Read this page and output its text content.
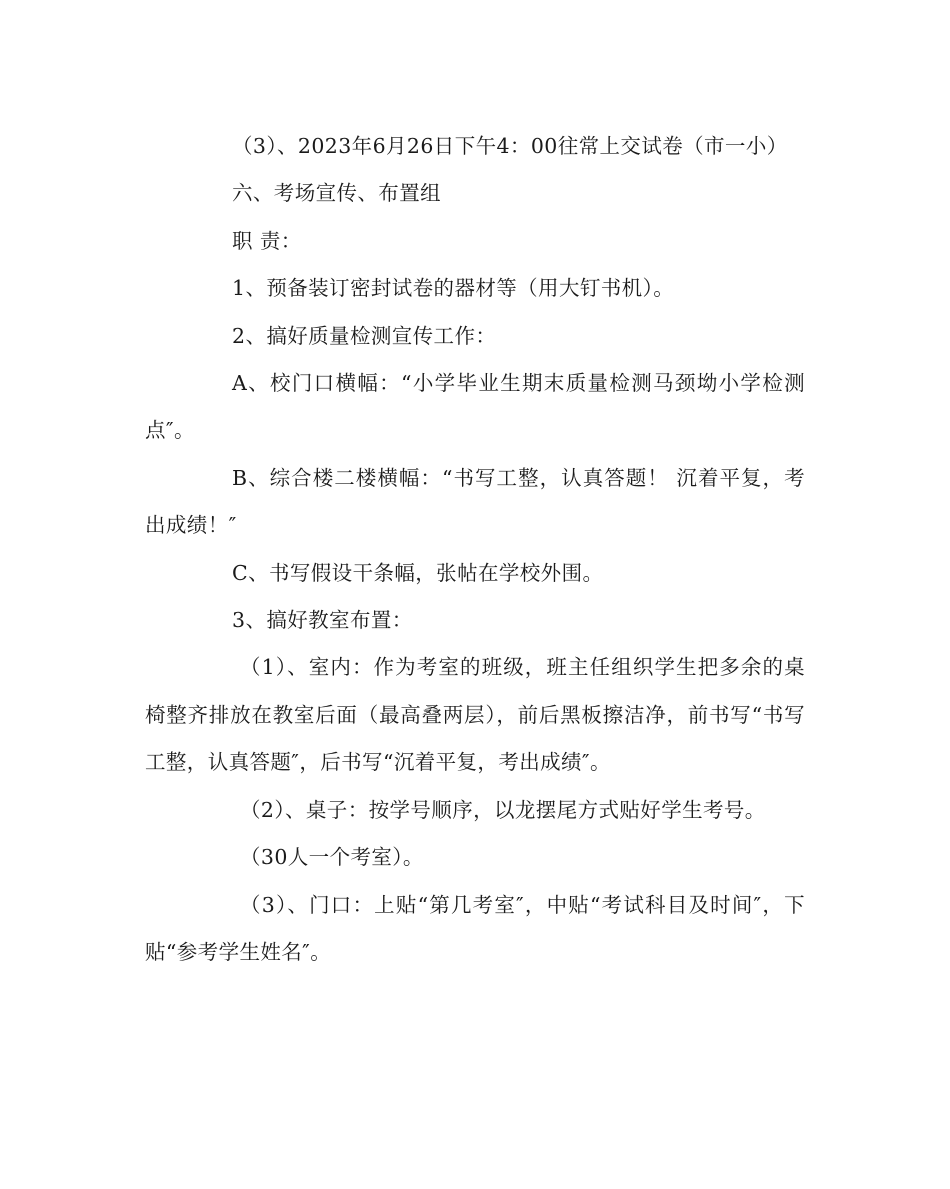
（3）、2023年6月26日下午4：00往常上交试卷（市一小）

六、考场宣传、布置组

职 责：

1、预备装订密封试卷的器材等（用大钉书机）。

2、搞好质量检测宣传工作：

A、校门口横幅：“小学毕业生期末质量检测马颈坳小学检测点″。

B、综合楼二楼横幅：“书写工整，认真答题！ 沉着平复，考出成绩！″

C、书写假设干条幅，张帖在学校外围。

3、搞好教室布置：

（1）、室内：作为考室的班级，班主任组织学生把多余的桌椅整齐排放在教室后面（最高叠两层），前后黑板擦洁净，前书写“书写工整，认真答题″，后书写“沉着平复，考出成绩″。

（2）、桌子：按学号顺序，以龙摆尾方式贴好学生考号。

（30人一个考室）。

（3）、门口：上贴“第几考室″，中贴“考试科目及时间″，下贴“参考学生姓名″。
